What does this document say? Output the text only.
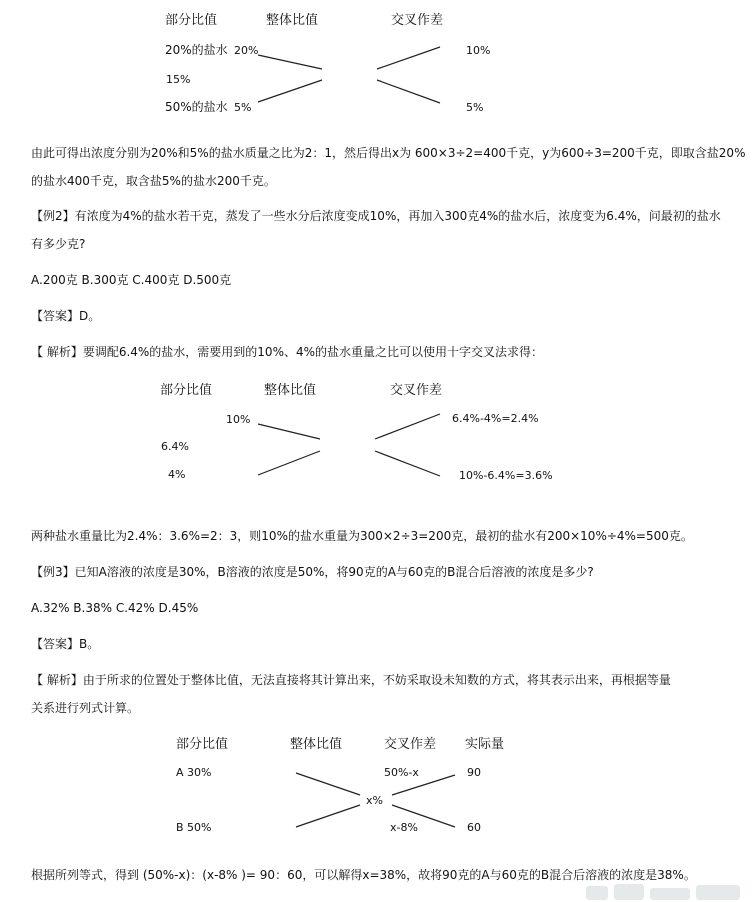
部分比值	整体比值	交叉作差
20%的盐水 20%	10%
15%
50%的盐水 5%	5%
由此可得出浓度分别为20%和5%的盐水质量之比为2：1，然后得出x为 600×3÷2=400千克，y为600÷3=200千克，即取含盐20%
的盐水400千克，取含盐5%的盐水200千克。
【例2】有浓度为4%的盐水若干克，蒸发了一些水分后浓度变成10%，再加入300克4%的盐水后，浓度变为6.4%，问最初的盐水
有多少克?
A.200克 B.300克 C.400克 D.500克
【答案】D。
【 解析】要调配6.4%的盐水，需要用到的10%、4%的盐水重量之比可以使用十字交叉法求得：
部分比值	整体比值	交叉作差
10%	6.4%-4%=2.4%
6.4%
4%	10%-6.4%=3.6%
两种盐水重量比为2.4%：3.6%=2：3，则10%的盐水重量为300×2÷3=200克，最初的盐水有200×10%÷4%=500克。
【例3】已知A溶液的浓度是30%，B溶液的浓度是50%，将90克的A与60克的B混合后溶液的浓度是多少?
A.32% B.38% C.42% D.45%
【答案】B。
【 解析】由于所求的位置处于整体比值，无法直接将其计算出来，不妨采取设未知数的方式，将其表示出来，再根据等量
关系进行列式计算。
部分比值	整体比值	交叉作差 实际量
A 30%	50%-x	90
x%
B 50%	x-8%	60
根据所列等式，得到 (50%-x)：(x-8% )= 90：60，可以解得x=38%，故将90克的A与60克的B混合后溶液的浓度是38%。
